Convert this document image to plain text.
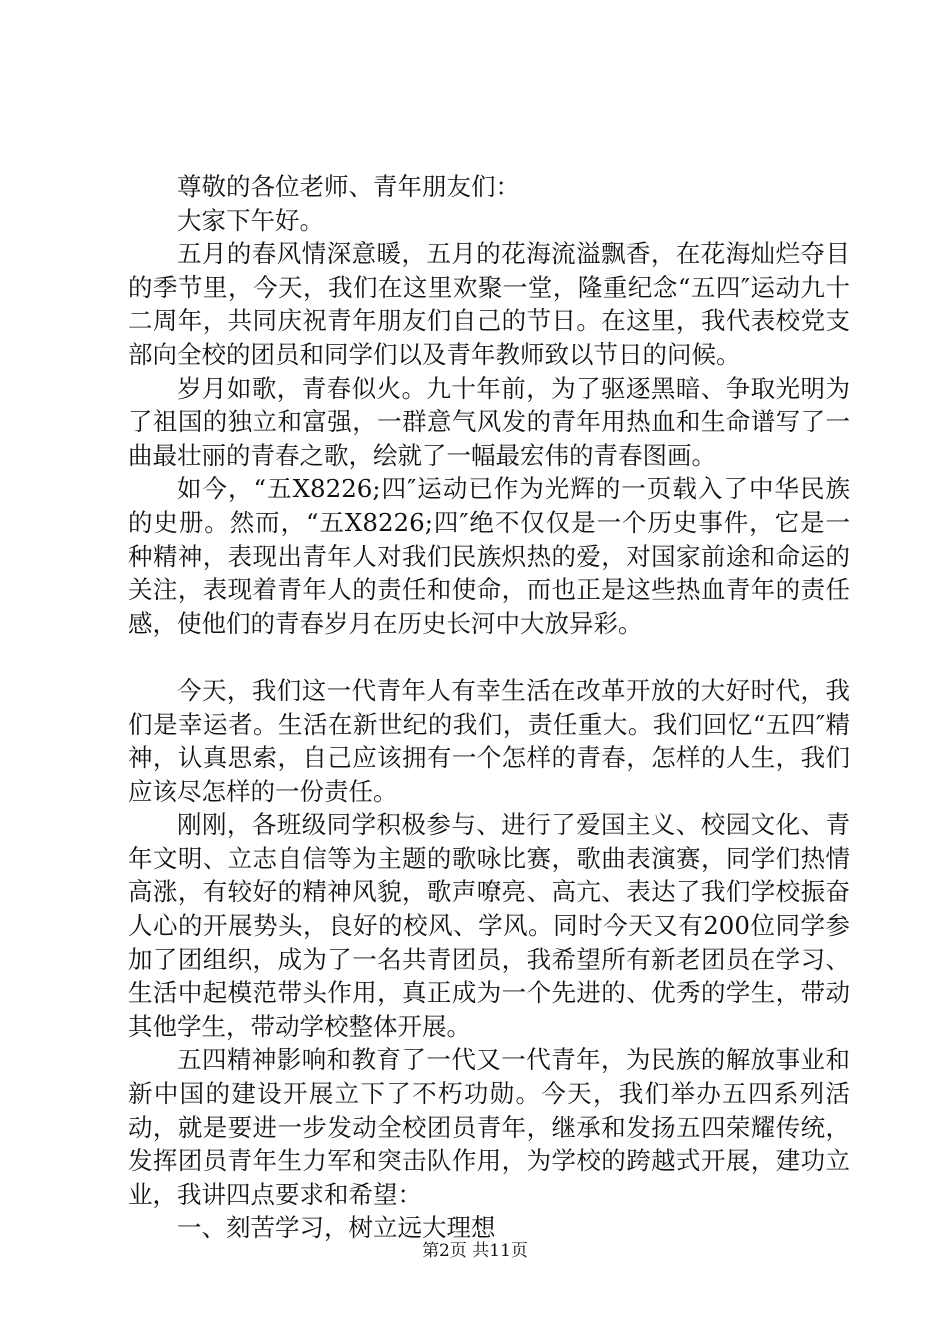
尊敬的各位老师、青年朋友们：

大家下午好。

五月的春风情深意暖，五月的花海流溢飘香，在花海灿烂夺目的季节里，今天，我们在这里欢聚一堂，隆重纪念“五四″运动九十二周年，共同庆祝青年朋友们自己的节日。在这里，我代表校党支部向全校的团员和同学们以及青年教师致以节日的问候。

岁月如歌，青春似火。九十年前，为了驱逐黑暗、争取光明为了祖国的独立和富强，一群意气风发的青年用热血和生命谱写了一曲最壮丽的青春之歌，绘就了一幅最宏伟的青春图画。

如今，“五X8226;四″运动已作为光辉的一页载入了中华民族的史册。然而，“五X8226;四″绝不仅仅是一个历史事件，它是一种精神，表现出青年人对我们民族炽热的爱，对国家前途和命运的关注，表现着青年人的责任和使命，而也正是这些热血青年的责任感，使他们的青春岁月在历史长河中大放异彩。

今天，我们这一代青年人有幸生活在改革开放的大好时代，我们是幸运者。生活在新世纪的我们，责任重大。我们回忆“五四″精神，认真思索，自己应该拥有一个怎样的青春，怎样的人生，我们应该尽怎样的一份责任。

刚刚，各班级同学积极参与、进行了爱国主义、校园文化、青年文明、立志自信等为主题的歌咏比赛，歌曲表演赛，同学们热情高涨，有较好的精神风貌，歌声嘹亮、高亢、表达了我们学校振奋人心的开展势头，良好的校风、学风。同时今天又有200位同学参加了团组织，成为了一名共青团员，我希望所有新老团员在学习、生活中起模范带头作用，真正成为一个先进的、优秀的学生，带动其他学生，带动学校整体开展。

五四精神影响和教育了一代又一代青年，为民族的解放事业和新中国的建设开展立下了不朽功勋。今天，我们举办五四系列活动，就是要进一步发动全校团员青年，继承和发扬五四荣耀传统，发挥团员青年生力军和突击队作用，为学校的跨越式开展，建功立业，我讲四点要求和希望：

一、刻苦学习，树立远大理想

第2页 共11页
